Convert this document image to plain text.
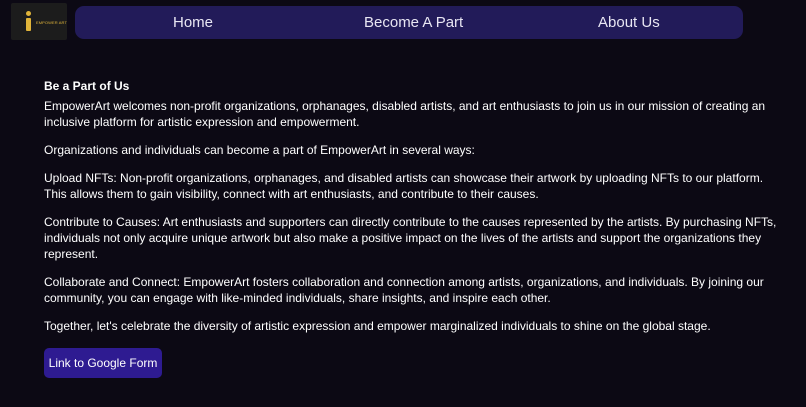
EMPOWER ART	Home	Become A Part	About Us
Be a Part of Us

EmpowerArt welcomes non-profit organizations, orphanages, disabled artists, and art enthusiasts to join us in our mission of creating an inclusive platform for artistic expression and empowerment.

Organizations and individuals can become a part of EmpowerArt in several ways:

Upload NFTs: Non-profit organizations, orphanages, and disabled artists can showcase their artwork by uploading NFTs to our platform. This allows them to gain visibility, connect with art enthusiasts, and contribute to their causes.

Contribute to Causes: Art enthusiasts and supporters can directly contribute to the causes represented by the artists. By purchasing NFTs, individuals not only acquire unique artwork but also make a positive impact on the lives of the artists and support the organizations they represent.

Collaborate and Connect: EmpowerArt fosters collaboration and connection among artists, organizations, and individuals. By joining our community, you can engage with like-minded individuals, share insights, and inspire each other.

Together, let's celebrate the diversity of artistic expression and empower marginalized individuals to shine on the global stage.

Link to Google Form
